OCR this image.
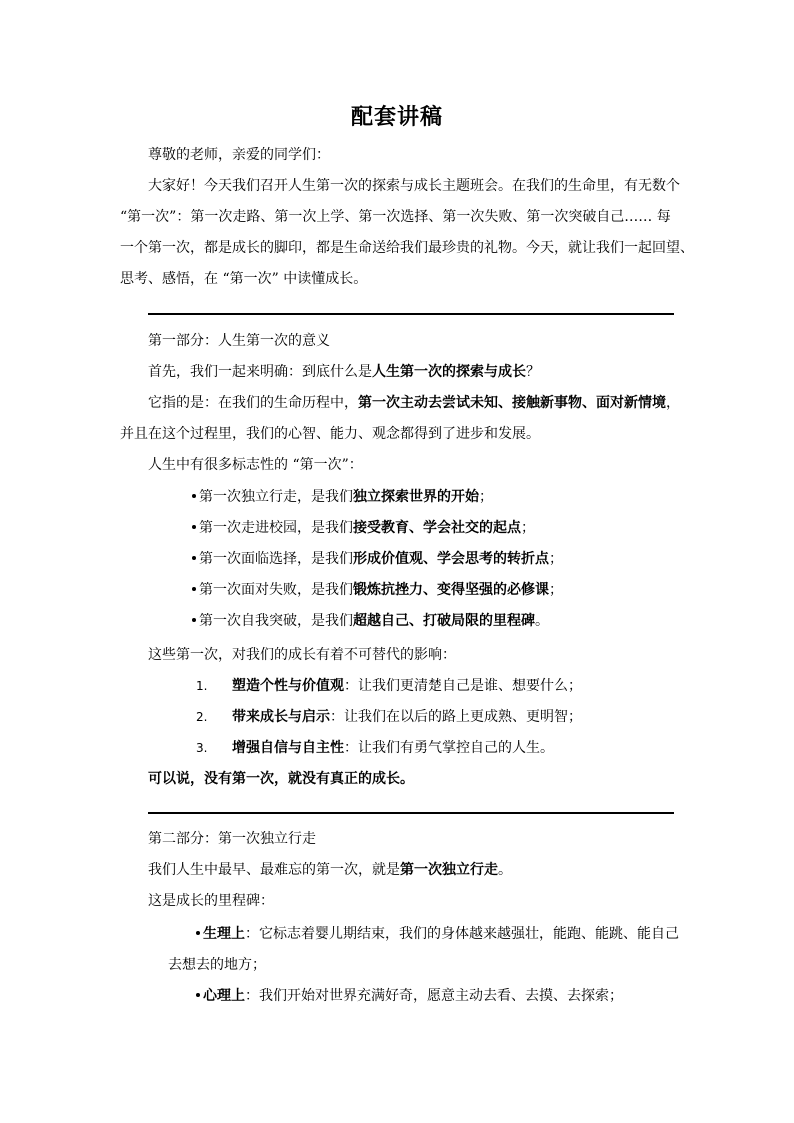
配套讲稿
尊敬的老师，亲爱的同学们：
大家好！今天我们召开人生第一次的探索与成长主题班会。在我们的生命里，有无数个
“第一次”：第一次走路、第一次上学、第一次选择、第一次失败、第一次突破自己…… 每
一个第一次，都是成长的脚印，都是生命送给我们最珍贵的礼物。今天，就让我们一起回望、
思考、感悟，在 “第一次” 中读懂成长。
第一部分：人生第一次的意义
首先，我们一起来明确：到底什么是人生第一次的探索与成长？
它指的是：在我们的生命历程中，第一次主动去尝试未知、接触新事物、面对新情境，
并且在这个过程里，我们的心智、能力、观念都得到了进步和发展。
人生中有很多标志性的 “第一次”：
第一次独立行走，是我们独立探索世界的开始；
第一次走进校园，是我们接受教育、学会社交的起点；
第一次面临选择，是我们形成价值观、学会思考的转折点；
第一次面对失败，是我们锻炼抗挫力、变得坚强的必修课；
第一次自我突破，是我们超越自己、打破局限的里程碑。
这些第一次，对我们的成长有着不可替代的影响：
1. 塑造个性与价值观：让我们更清楚自己是谁、想要什么；
2. 带来成长与启示：让我们在以后的路上更成熟、更明智；
3. 增强自信与自主性：让我们有勇气掌控自己的人生。
可以说，没有第一次，就没有真正的成长。
第二部分：第一次独立行走
我们人生中最早、最难忘的第一次，就是第一次独立行走。
这是成长的里程碑：
生理上：它标志着婴儿期结束，我们的身体越来越强壮，能跑、能跳、能自己
去想去的地方；
心理上：我们开始对世界充满好奇，愿意主动去看、去摸、去探索；
